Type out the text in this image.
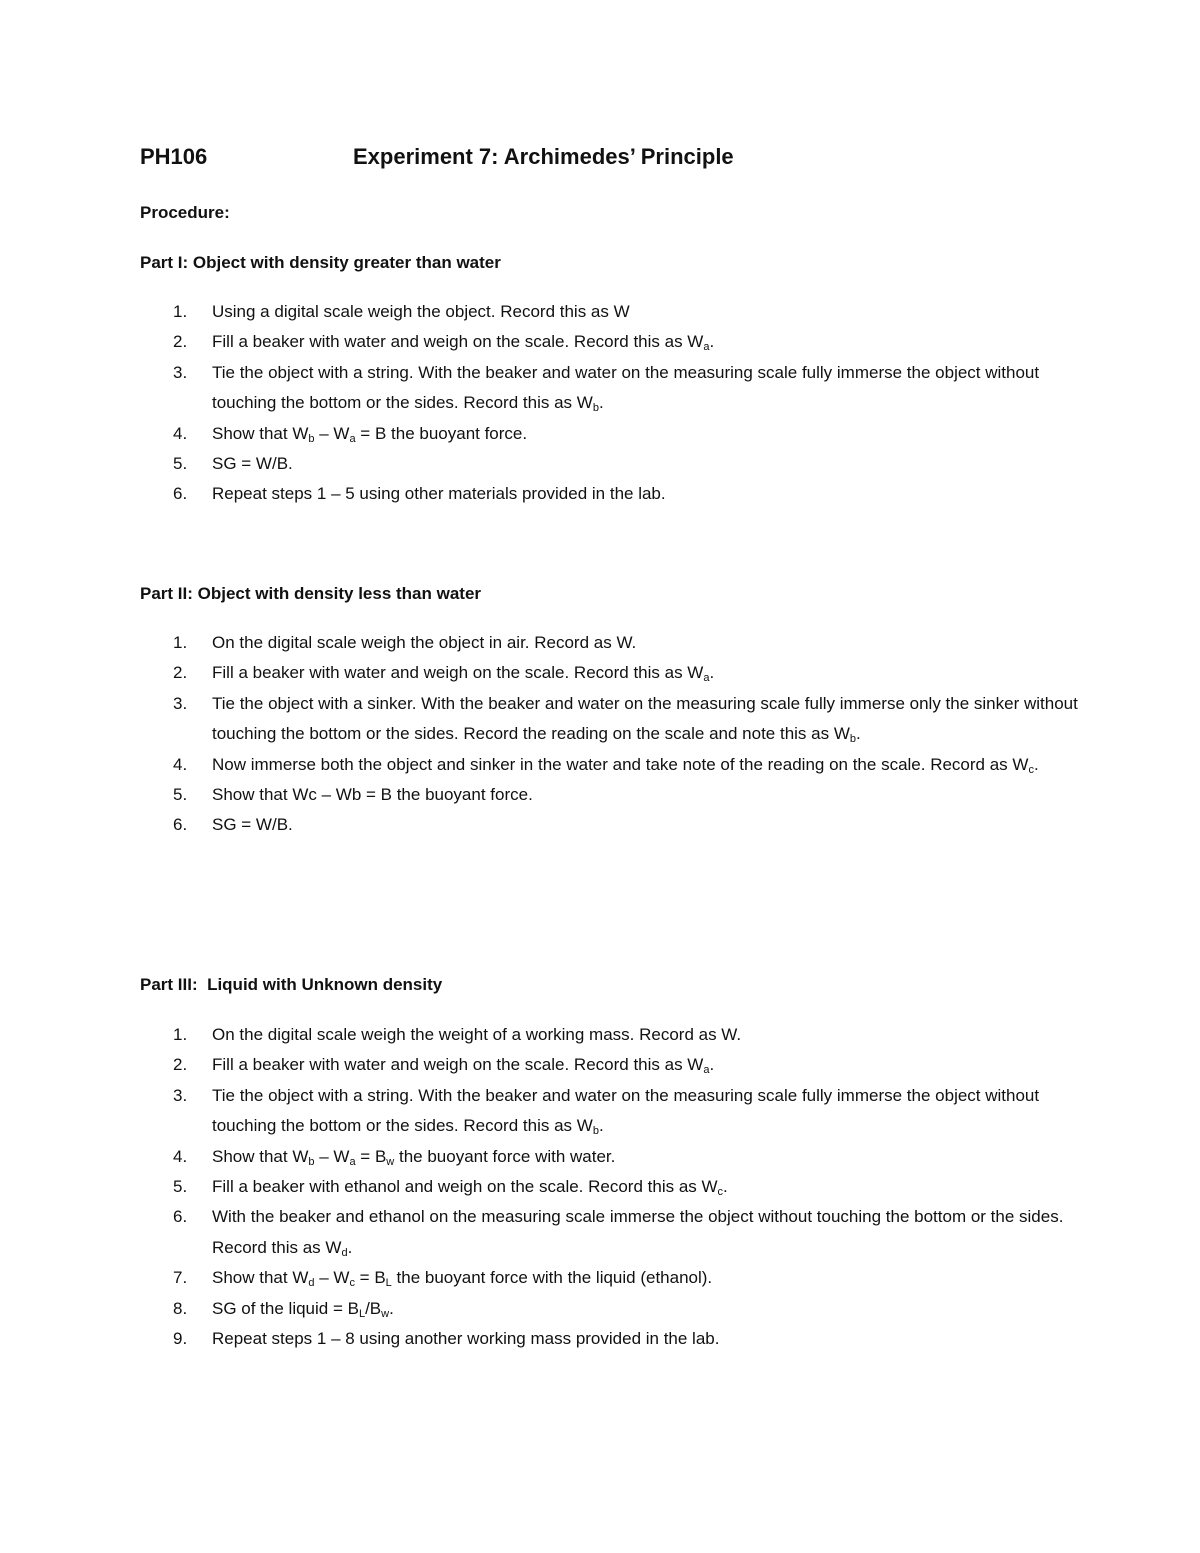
PH106	Experiment 7: Archimedes’ Principle
Procedure:
Part I: Object with density greater than water
1. Using a digital scale weigh the object. Record this as W
2. Fill a beaker with water and weigh on the scale. Record this as $W_a$.
3. Tie the object with a string. With the beaker and water on the measuring scale fully immerse the object without touching the bottom or the sides. Record this as $W_b$.
4. Show that $W_b - W_a = B$ the buoyant force.
5. SG = W/B.
6. Repeat steps 1 – 5 using other materials provided in the lab.
Part II: Object with density less than water
1. On the digital scale weigh the object in air. Record as W.
2. Fill a beaker with water and weigh on the scale. Record this as $W_a$.
3. Tie the object with a sinker. With the beaker and water on the measuring scale fully immerse only the sinker without touching the bottom or the sides. Record the reading on the scale and note this as $W_b$.
4. Now immerse both the object and sinker in the water and take note of the reading on the scale. Record as $W_c$.
5. Show that Wc – Wb = B the buoyant force.
6. SG = W/B.
Part III:  Liquid with Unknown density
1. On the digital scale weigh the weight of a working mass. Record as W.
2. Fill a beaker with water and weigh on the scale. Record this as $W_a$.
3. Tie the object with a string. With the beaker and water on the measuring scale fully immerse the object without touching the bottom or the sides. Record this as $W_b$.
4. Show that $W_b - W_a = B_w$ the buoyant force with water.
5. Fill a beaker with ethanol and weigh on the scale. Record this as $W_c$.
6. With the beaker and ethanol on the measuring scale immerse the object without touching the bottom or the sides. Record this as $W_d$.
7. Show that $W_d - W_c = B_L$ the buoyant force with the liquid (ethanol).
8. SG of the liquid = $B_L/B_w$.
9. Repeat steps 1 – 8 using another working mass provided in the lab.
